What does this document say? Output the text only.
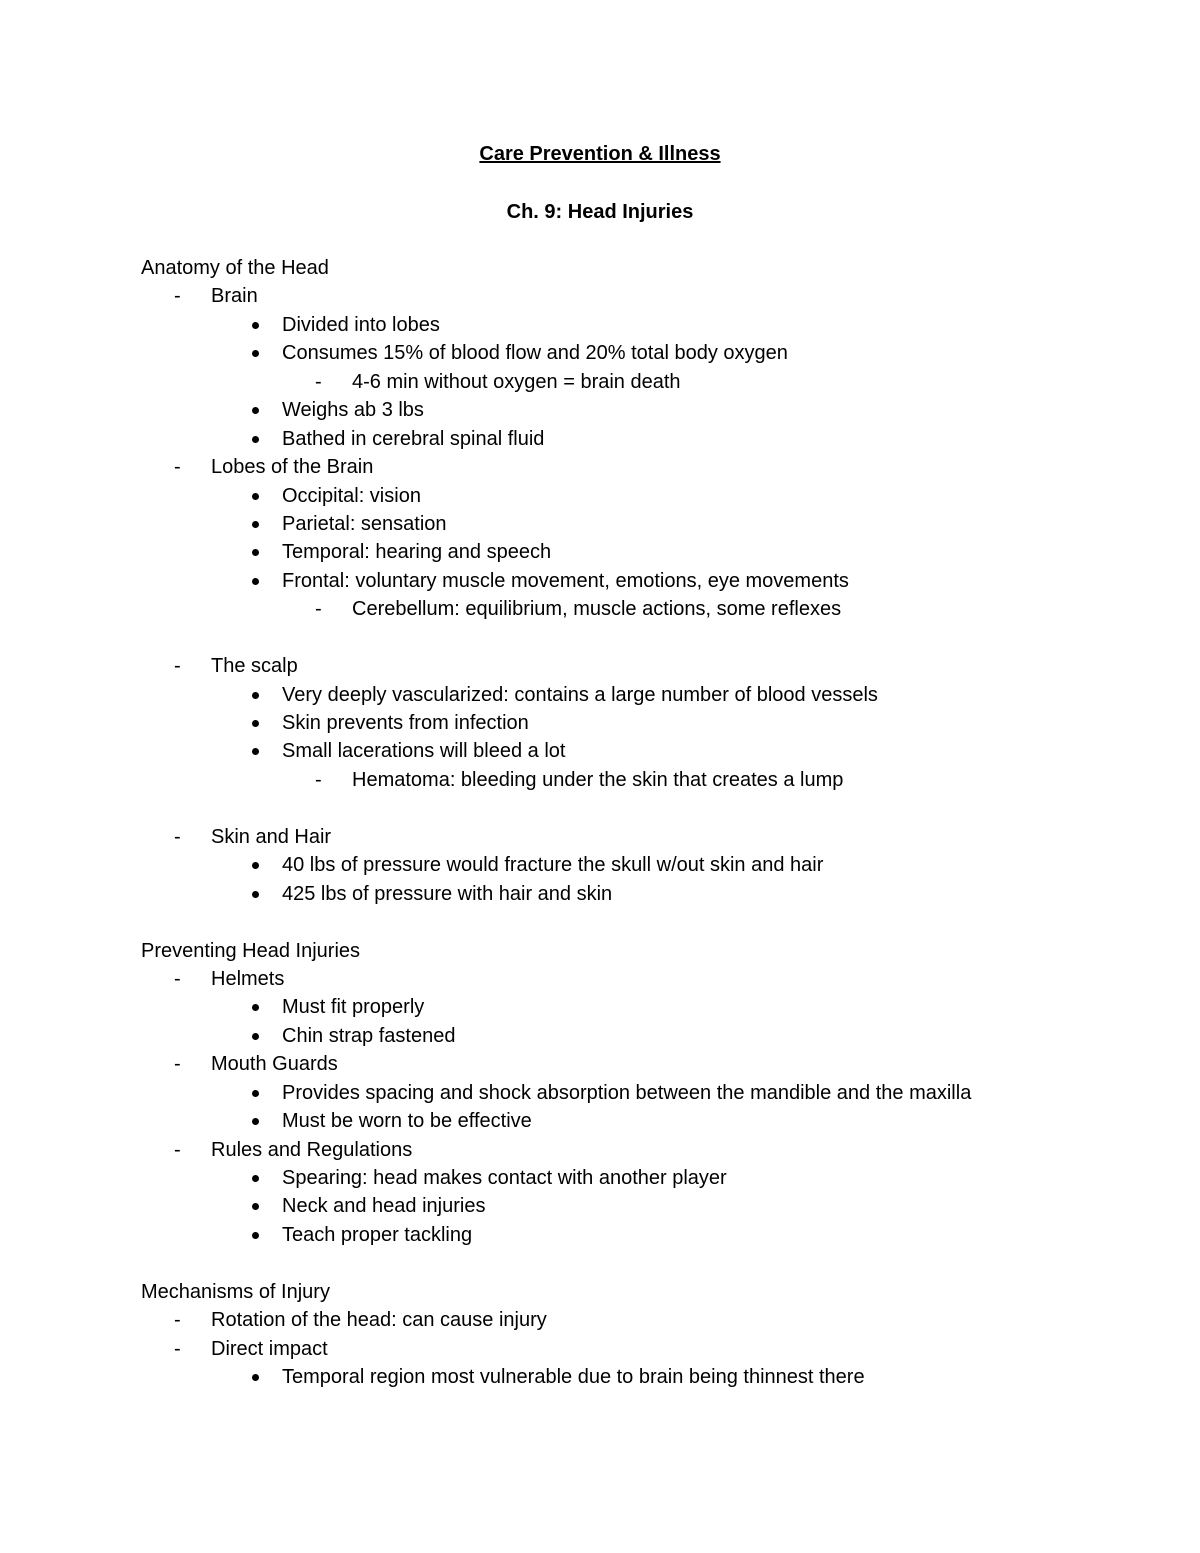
Care Prevention & Illness
Ch. 9: Head Injuries
Anatomy of the Head
- Brain
Divided into lobes
Consumes 15% of blood flow and 20% total body oxygen
- 4-6 min without oxygen = brain death
Weighs ab 3 lbs
Bathed in cerebral spinal fluid
- Lobes of the Brain
Occipital: vision
Parietal: sensation
Temporal: hearing and speech
Frontal: voluntary muscle movement, emotions, eye movements
- Cerebellum: equilibrium, muscle actions, some reflexes
- The scalp
Very deeply vascularized: contains a large number of blood vessels
Skin prevents from infection
Small lacerations will bleed a lot
- Hematoma: bleeding under the skin that creates a lump
- Skin and Hair
40 lbs of pressure would fracture the skull w/out skin and hair
425 lbs of pressure with hair and skin
Preventing Head Injuries
- Helmets
Must fit properly
Chin strap fastened
- Mouth Guards
Provides spacing and shock absorption between the mandible and the maxilla
Must be worn to be effective
- Rules and Regulations
Spearing: head makes contact with another player
Neck and head injuries
Teach proper tackling
Mechanisms of Injury
- Rotation of the head: can cause injury
- Direct impact
Temporal region most vulnerable due to brain being thinnest there
